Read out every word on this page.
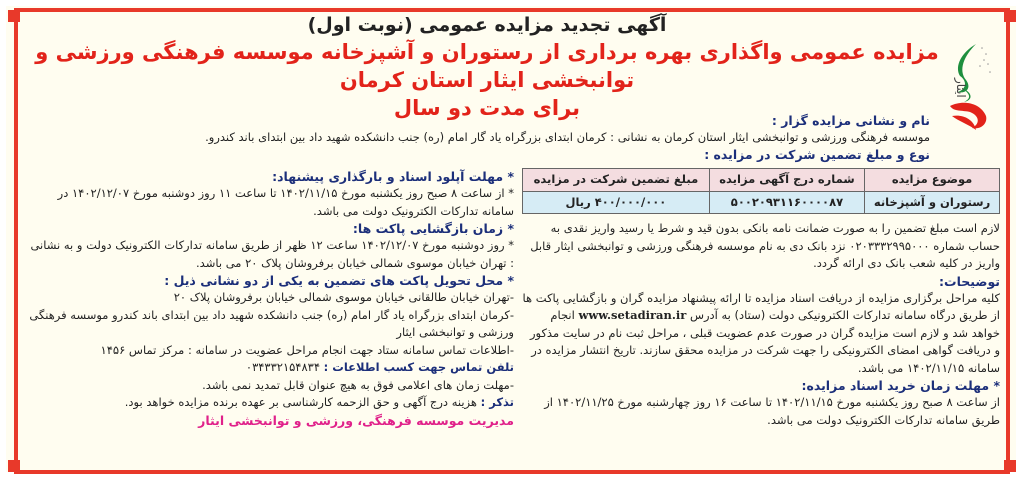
ایثار
آگهی تجدید مزایده عمومی (نوبت اول)
مزایده عمومی واگذاری بهره برداری از رستوران و آشپزخانه موسسه فرهنگی ورزشی و توانبخشی ایثار استان کرمان
برای مدت دو سال
نام و نشانی مزایده گزار :
موسسه فرهنگی ورزشی و توانبخشی ایثار استان کرمان به نشانی : کرمان ابتدای بزرگراه یاد گار امام (ره) جنب دانشکده شهید داد بین ابتدای باند کندرو.
نوع و مبلغ تضمین شرکت در مزایده :
موضوع مزایده	شماره درج آگهی مزایده	مبلغ تضمین شرکت در مزایده
رستوران و آشپزخانه	۵۰۰۲۰۹۳۱۱۶۰۰۰۰۸۷	۴۰۰/۰۰۰/۰۰۰ ریال
لازم است مبلغ تضمین را به صورت ضمانت نامه بانکی بدون قید و شرط یا رسید واریز نقدی به حساب شماره ۰۲۰۳۳۳۲۹۹۵۰۰۰ نزد بانک دی به نام موسسه فرهنگی ورزشی و توانبخشی ایثار قابل واریز در کلیه شعب بانک دی ارائه گردد.
توضیحات:
کلیه مراحل برگزاری مزایده از دریافت اسناد مزایده تا ارائه پیشنهاد مزایده گران و بازگشایی پاکت ها از طریق درگاه سامانه تدارکات الکترونیکی دولت (ستاد) به آدرس www.setadiran.ir انجام خواهد شد و لازم است مزایده گران در صورت عدم عضویت قبلی ، مراحل ثبت نام در سایت مذکور و دریافت گواهی امضای الکترونیکی را جهت شرکت در مزایده محقق سازند. تاریخ انتشار مزایده در سامانه ۱۴۰۲/۱۱/۱۵ می باشد.
* مهلت زمان خرید اسناد مزایده:
از ساعت ۸ صبح روز یکشنبه مورخ ۱۴۰۲/۱۱/۱۵ تا ساعت ۱۶ روز چهارشنبه مورخ ۱۴۰۲/۱۱/۲۵ از طریق سامانه تدارکات الکترونیک دولت می باشد.
* مهلت آپلود اسناد و بارگذاری پیشنهاد:
* از ساعت ۸ صبح روز یکشنبه مورخ ۱۴۰۲/۱۱/۱۵ تا ساعت ۱۱ روز دوشنبه مورخ ۱۴۰۲/۱۲/۰۷ در سامانه تدارکات الکترونیک دولت می باشد.
* زمان بازگشایی پاکت ها:
* روز دوشنبه مورخ ۱۴۰۲/۱۲/۰۷ ساعت ۱۲ ظهر از طریق سامانه تدارکات الکترونیک دولت و به نشانی : تهران خیابان موسوی شمالی خیابان برفروشان پلاک ۲۰ می باشد.
* محل تحویل پاکت های تضمین به یکی از دو نشانی ذیل :
-تهران خیابان طالقانی خیابان موسوی شمالی خیابان برفروشان پلاک ۲۰
-کرمان ابتدای بزرگراه یاد گار امام (ره) جنب دانشکده شهید داد بین ابتدای باند کندرو موسسه فرهنگی ورزشی و توانبخشی ایثار
-اطلاعات تماس سامانه ستاد جهت انجام مراحل عضویت در سامانه : مرکز تماس ۱۴۵۶
تلفن تماس جهت کسب اطلاعات : ۰۳۴۳۳۲۱۵۴۸۳۴
-مهلت زمان های اعلامی فوق به هیچ عنوان قابل تمدید نمی باشد.
تذکر : هزینه درج آگهی و حق الزحمه کارشناسی بر عهده برنده مزایده خواهد بود.
مدیریت موسسه فرهنگی، ورزشی و توانبخشی ایثار
